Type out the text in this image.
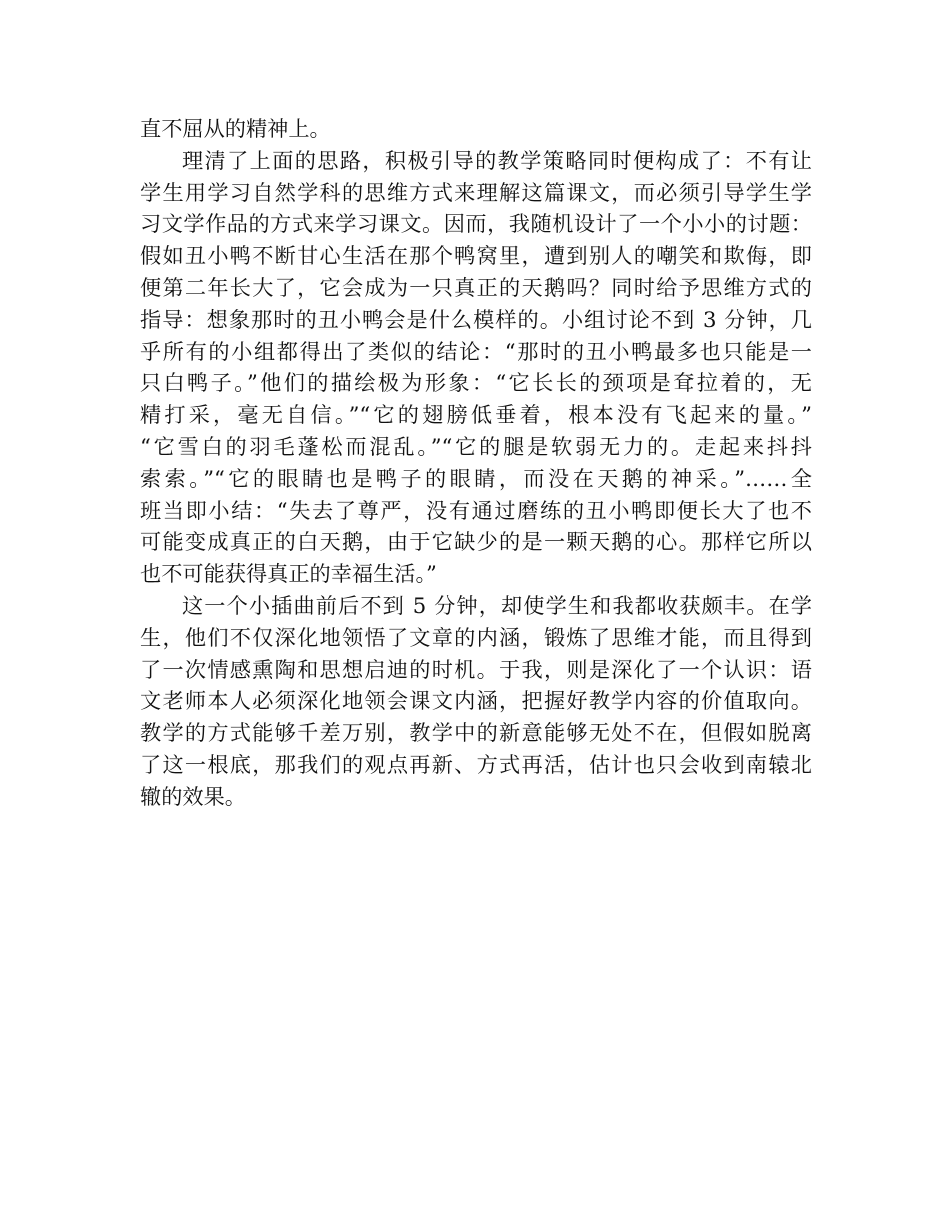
直不屈从的精神上。
理清了上面的思路，积极引导的教学策略同时便构成了：不有让
学生用学习自然学科的思维方式来理解这篇课文，而必须引导学生学
习文学作品的方式来学习课文。因而，我随机设计了一个小小的讨题：
假如丑小鸭不断甘心生活在那个鸭窝里，遭到别人的嘲笑和欺侮，即
便第二年长大了，它会成为一只真正的天鹅吗？同时给予思维方式的
指导：想象那时的丑小鸭会是什么模样的。小组讨论不到 3 分钟，几
乎所有的小组都得出了类似的结论：“那时的丑小鸭最多也只能是一
只白鸭子。”他们的描绘极为形象：“它长长的颈项是耷拉着的，无
精打采，毫无自信。”“它的翅膀低垂着，根本没有飞起来的量。”
“它雪白的羽毛蓬松而混乱。”“它的腿是软弱无力的。走起来抖抖
索索。”“它的眼睛也是鸭子的眼睛，而没在天鹅的神采。”……全
班当即小结：“失去了尊严，没有通过磨练的丑小鸭即便长大了也不
可能变成真正的白天鹅，由于它缺少的是一颗天鹅的心。那样它所以
也不可能获得真正的幸福生活。”
这一个小插曲前后不到 5 分钟，却使学生和我都收获颇丰。在学
生，他们不仅深化地领悟了文章的内涵，锻炼了思维才能，而且得到
了一次情感熏陶和思想启迪的时机。于我，则是深化了一个认识：语
文老师本人必须深化地领会课文内涵，把握好教学内容的价值取向。
教学的方式能够千差万别，教学中的新意能够无处不在，但假如脱离
了这一根底，那我们的观点再新、方式再活，估计也只会收到南辕北
辙的效果。
